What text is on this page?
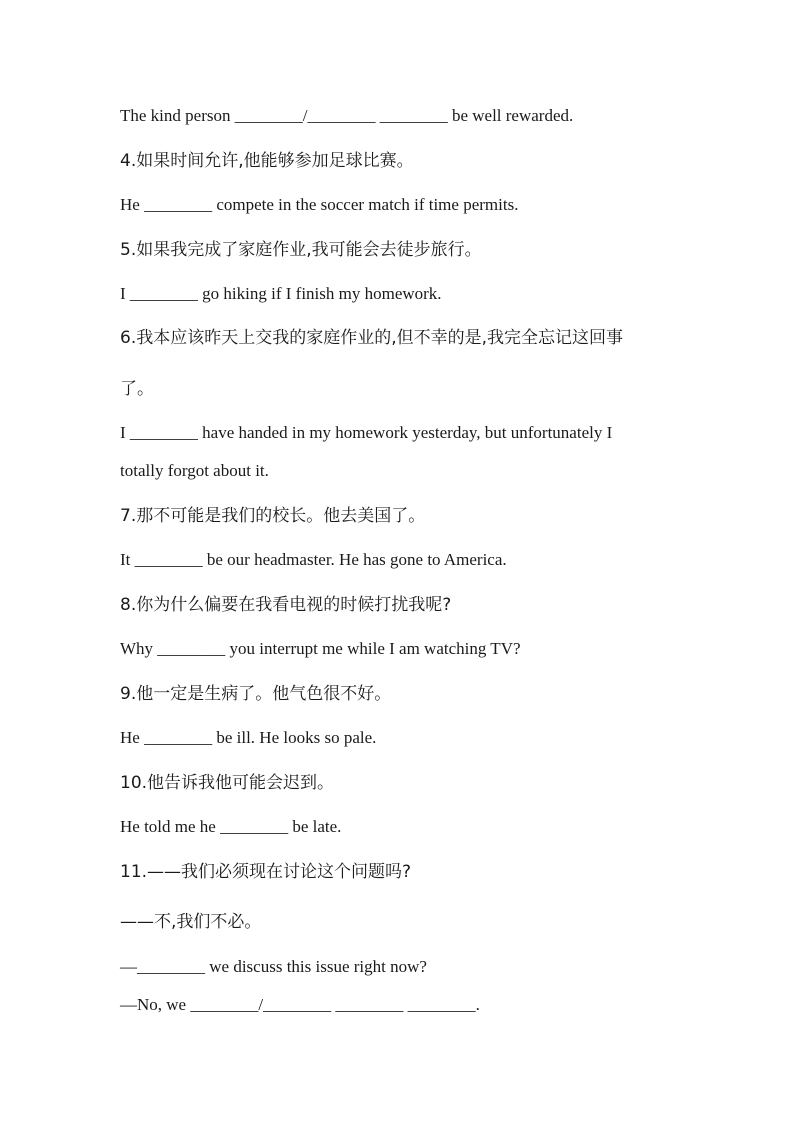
The kind person ________/________ ________ be well rewarded.
4.如果时间允许,他能够参加足球比赛。
He ________ compete in the soccer match if time permits.
5.如果我完成了家庭作业,我可能会去徒步旅行。
I ________ go hiking if I finish my homework.
6.我本应该昨天上交我的家庭作业的,但不幸的是,我完全忘记这回事
了。
I ________ have handed in my homework yesterday, but unfortunately I
totally forgot about it.
7.那不可能是我们的校长。他去美国了。
It ________ be our headmaster. He has gone to America.
8.你为什么偏要在我看电视的时候打扰我呢?
Why ________ you interrupt me while I am watching TV?
9.他一定是生病了。他气色很不好。
He ________ be ill. He looks so pale.
10.他告诉我他可能会迟到。
He told me he ________ be late.
11.——我们必须现在讨论这个问题吗?
——不,我们不必。
—________ we discuss this issue right now?
—No, we ________/________ ________ ________.
